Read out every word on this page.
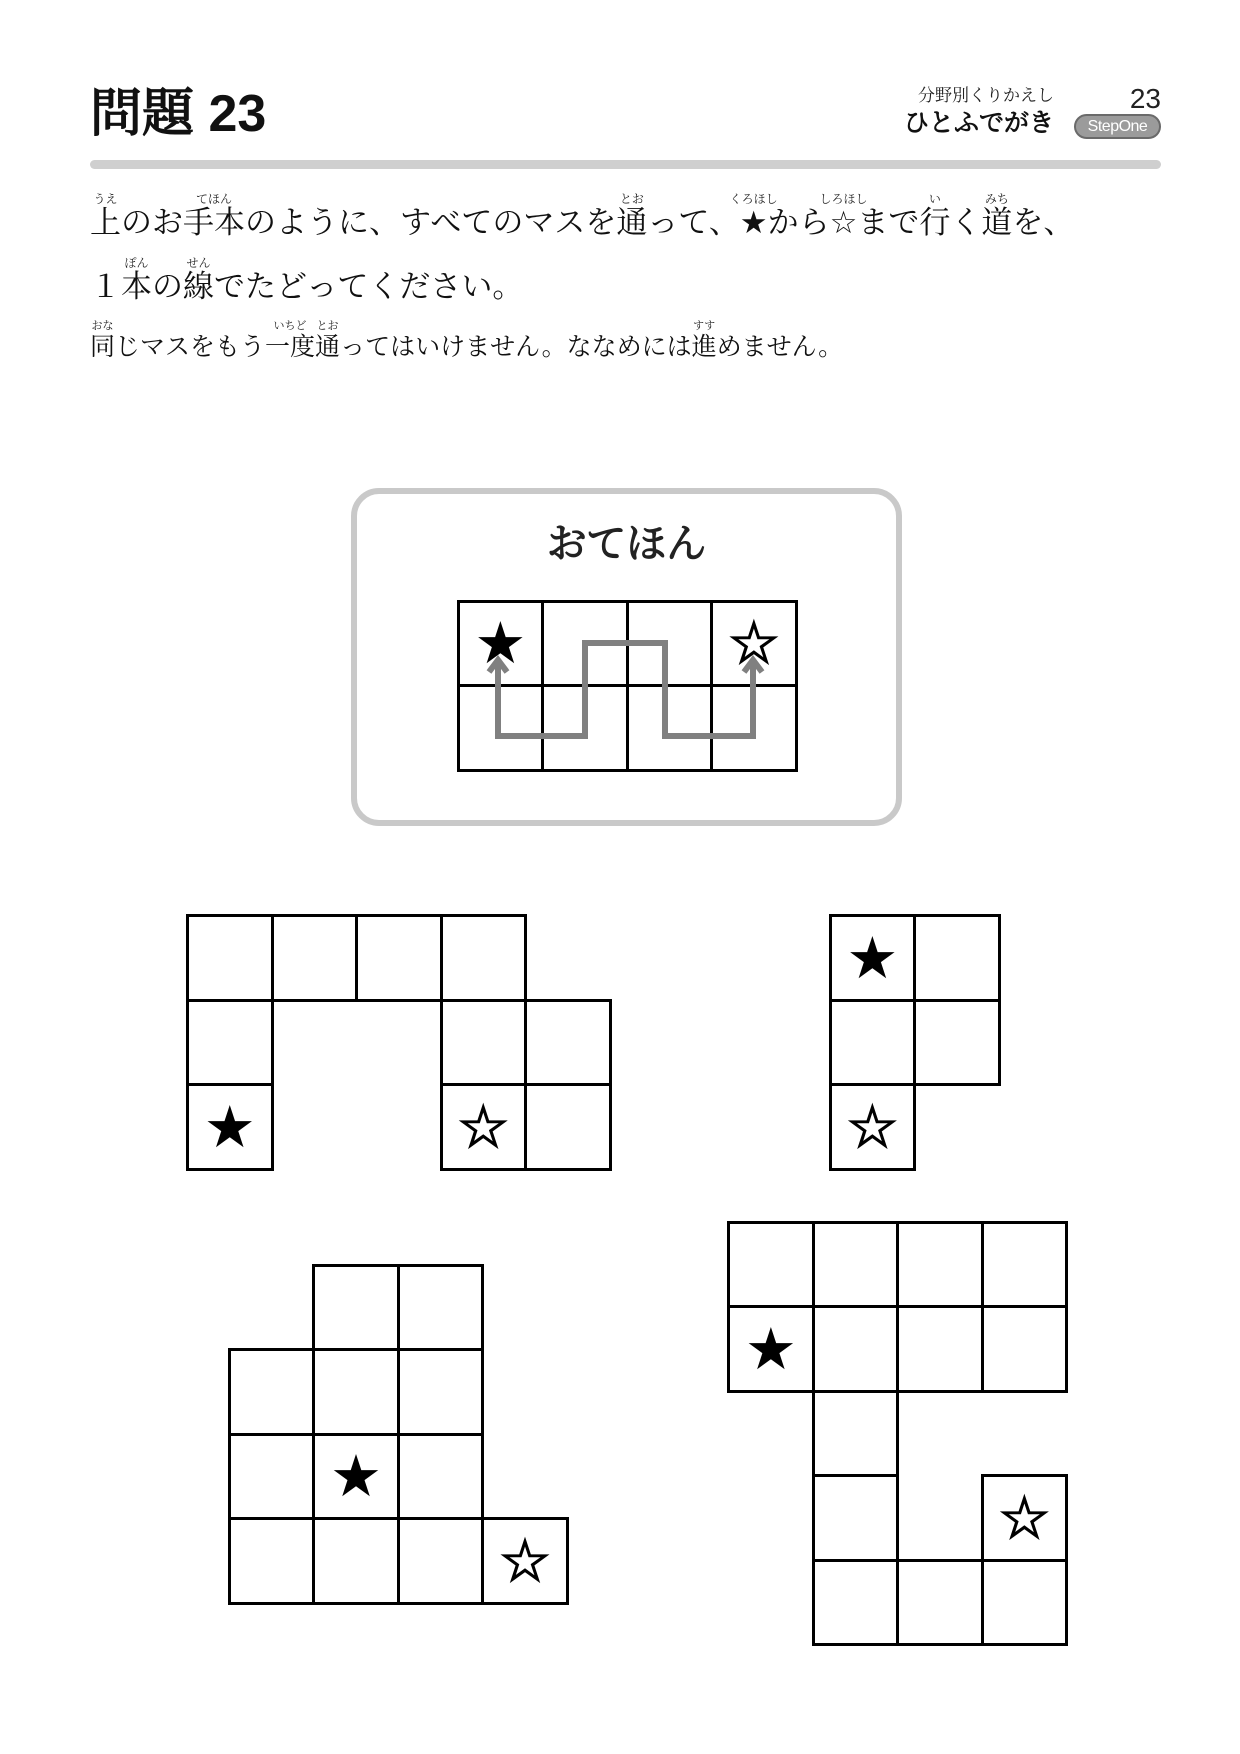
問題 23	分野別くりかえし	23
ひとふでがき	StepOne
上
うえ
のお手本
てほん
のように、すべてのマスを通
とお
って、★
くろほし
から☆
しろほし
まで行
い
く道
みち
を、
１本
ぽん
の線
せん
でたどってください。
同
おな
じマスをもう一度
いちど
通
とお
ってはいけません。ななめには進
すす
めません。
おてほん
★	☆
★	☆
★
☆
★
☆
★
☆
